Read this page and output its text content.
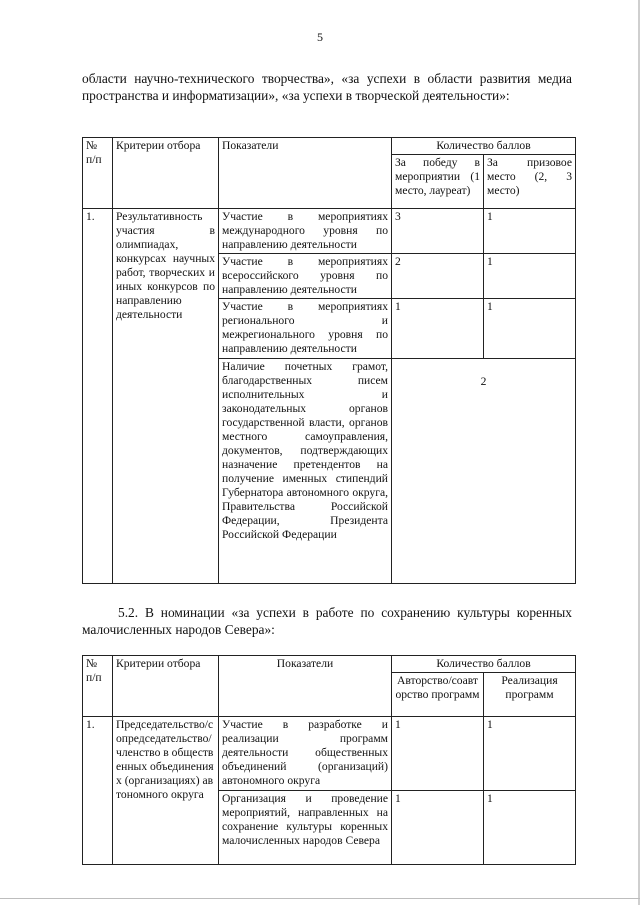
5
области научно-технического творчества», «за успехи в области развития медиа пространства и информатизации», «за успехи в творческой деятельности»:
№ п/п	Критерии отбора	Показатели	Количество баллов	
			За победу в мероприятии (1 место, лауреат)	За призовое место (2, 3 место)
1.	Результативность участия в олимпиадах, конкурсах научных работ, творческих и иных конкурсов по направлению деятельности	Участие в мероприятиях международного уровня по направлению деятельности	3	1
		Участие в мероприятиях всероссийского уровня по направлению деятельности	2	1
		Участие в мероприятиях регионального и межрегионального уровня по направлению деятельности	1	1
		Наличие почетных грамот, благодарственных писем исполнительных и законодательных органов государственной власти, органов местного самоуправления, документов, подтверждающих назначение претендентов на получение именных стипендий Губернатора автономного округа, Правительства Российской Федерации, Президента Российской Федерации	2	
5.2. В номинации «за успехи в работе по сохранению культуры коренных малочисленных народов Севера»:
№ п/п	Критерии отбора	Показатели	Количество баллов	
			Авторство/соавторство программ	Реализация программ
1.	Председательство/сопредседательство/членство в общественных объединениях (организациях) автономного округа	Участие в разработке и реализации программ деятельности общественных объединений (организаций) автономного округа	1	1
		Организация и проведение мероприятий, направленных на сохранение культуры коренных малочисленных народов Севера	1	1
